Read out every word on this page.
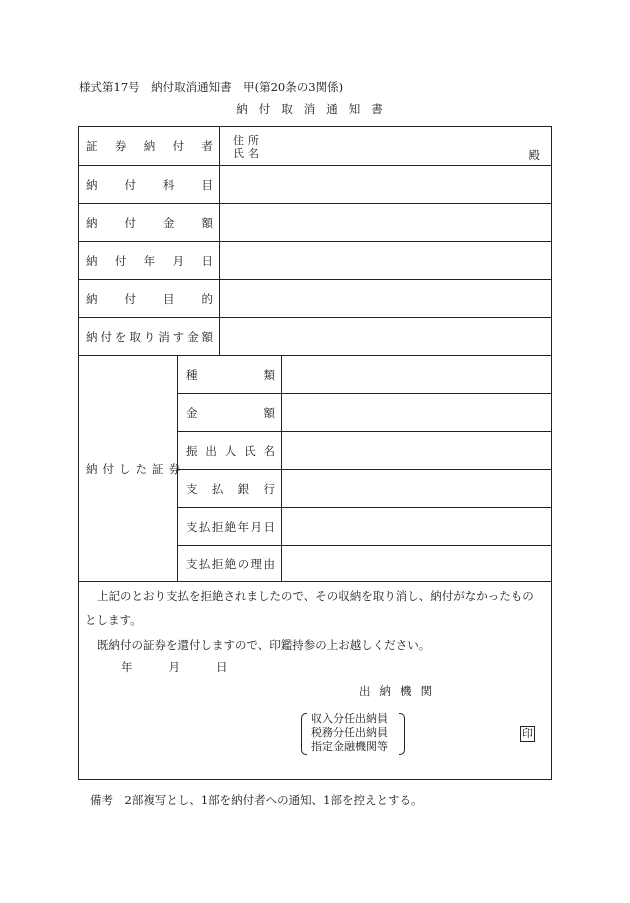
様式第17号　納付取消通知書　甲(第20条の3関係)
納付取消通知書
証 券 納 付 者 住所
氏名	殿
納 付 科 目
納 付 金 額
納 付 年 月 日
納 付 目 的
納 付 を 取 り 消 す 金 額
納 付 し た 証 券
種	類
金	額
振 出 人 氏 名
支 払 銀 行
支 払 拒 絶 年 月 日
支 払 拒 絶 の 理 由
上記のとおり支払を拒絶されましたので、その収納を取り消し、納付がなかったもの
とします。
既納付の証券を還付しますので、印鑑持参の上お越しください。
年	月	日
出納機関
収入分任出納員
税務分任出納員
指定金融機関等
印
備考　2部複写とし、1部を納付者への通知、1部を控えとする。
